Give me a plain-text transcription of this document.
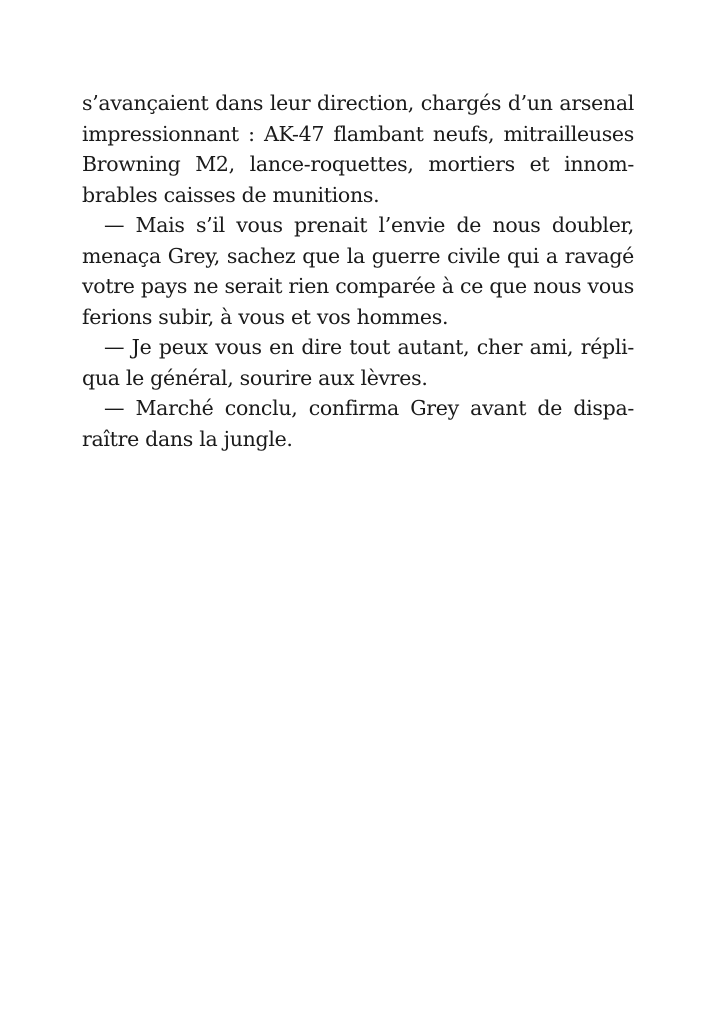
s’avançaient dans leur direction, chargés d’un arsenal
impressionnant : AK-47 flambant neufs, mitrailleuses
Browning M2, lance-roquettes, mortiers et innom-
brables caisses de munitions.
— Mais s’il vous prenait l’envie de nous doubler,
menaça Grey, sachez que la guerre civile qui a ravagé
votre pays ne serait rien comparée à ce que nous vous
ferions subir, à vous et vos hommes.
— Je peux vous en dire tout autant, cher ami, répli-
qua le général, sourire aux lèvres.
— Marché conclu, confirma Grey avant de dispa-
raître dans la jungle.
